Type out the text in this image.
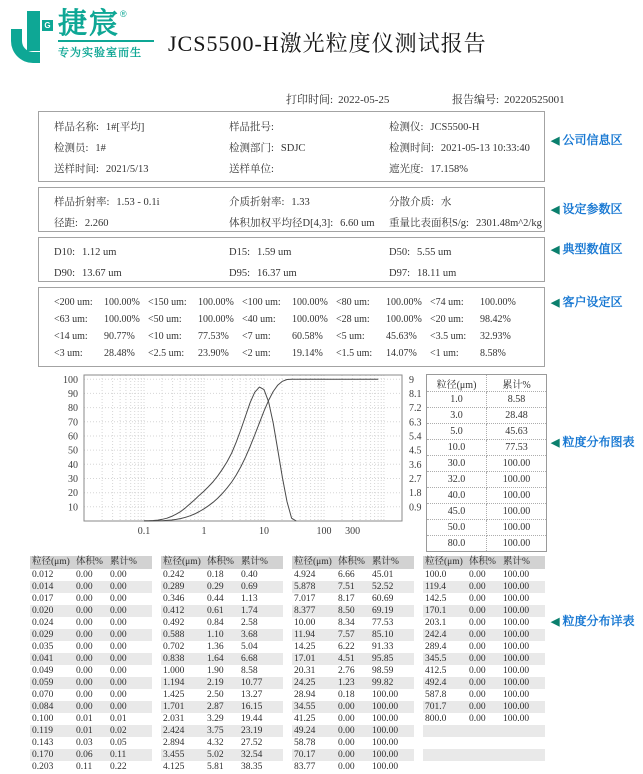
G 捷宸®
专为实验室而生	JCS5500-H激光粒度仪测试报告
打印时间: 2022-05-25	报告编号: 20220525001
样品名称: 1#[平均]	样品批号:	检测仪: JCS5500-H
检测员: 1#	检测部门: SDJC	检测时间: 2021-05-13 10:33:40
送样时间: 2021/5/13	送样单位:	遮光度: 17.158%
样品折射率: 1.53 - 0.1i	介质折射率: 1.33	分散介质: 水
径距: 2.260	体积加权平均径D[4,3]: 6.60 um	重量比表面积S/g: 2301.48m^2/kg
D10: 1.12 um	D15: 1.59 um	D50: 5.55 um
D90: 13.67 um	D95: 16.37 um	D97: 18.11 um
<200 um: 100.00% <150 um: 100.00% <100 um: 100.00% <80 um: 100.00% <74 um: 100.00%
<63 um: 100.00% <50 um: 100.00% <40 um: 100.00% <28 um: 100.00% <20 um: 98.42%
<14 um: 90.77%	<10 um: 77.53%	<7 um: 60.58%	<5 um: 45.63%	<3.5 um: 32.93%
<3 um: 28.48%	<2.5 um: 23.90%	<2 um: 19.14%	<1.5 um: 14.07%	<1 um: 8.58%
◀ 公司信息区
◀ 设定参数区
◀ 典型数值区
◀ 客户设定区
◀ 粒度分布图表
◀ 粒度分布详表
10
20
30
40
50
60
70
80
90
100
0.9
1.8
2.7
3.6
4.5
5.4
6.3
7.2
8.1
9
0.1	1	10	100 300
粒径(μm)	累计%
1.0	8.58
3.0	28.48
5.0	45.63
10.0	77.53
30.0	100.00
32.0	100.00
40.0	100.00
45.0	100.00
50.0	100.00
80.0	100.00
粒径(μm) 体积% 累计%
0.012	0.00	0.00
0.014	0.00	0.00
0.017	0.00	0.00
0.020	0.00	0.00
0.024	0.00	0.00
0.029	0.00	0.00
0.035	0.00	0.00
0.041	0.00	0.00
0.049	0.00	0.00
0.059	0.00	0.00
0.070	0.00	0.00
0.084	0.00	0.00
0.100	0.01	0.01
0.119	0.01	0.02
0.143	0.03	0.05
0.170	0.06	0.11
0.203	0.11	0.22
粒径(μm) 体积% 累计%
0.242	0.18	0.40
0.289	0.29	0.69
0.346	0.44	1.13
0.412	0.61	1.74
0.492	0.84	2.58
0.588	1.10	3.68
0.702	1.36	5.04
0.838	1.64	6.68
1.000	1.90	8.58
1.194	2.19	10.77
1.425	2.50	13.27
1.701	2.87	16.15
2.031	3.29	19.44
2.424	3.75	23.19
2.894	4.32	27.52
3.455	5.02	32.54
4.125	5.81	38.35
粒径(μm) 体积% 累计%
4.924	6.66	45.01
5.878	7.51	52.52
7.017	8.17	60.69
8.377	8.50	69.19
10.00	8.34	77.53
11.94	7.57	85.10
14.25	6.22	91.33
17.01	4.51	95.85
20.31	2.76	98.59
24.25	1.23	99.82
28.94	0.18	100.00
34.55	0.00	100.00
41.25	0.00	100.00
49.24	0.00	100.00
58.78	0.00	100.00
70.17	0.00	100.00
83.77	0.00	100.00
粒径(μm) 体积% 累计%
100.0	0.00	100.00
119.4	0.00	100.00
142.5	0.00	100.00
170.1	0.00	100.00
203.1	0.00	100.00
242.4	0.00	100.00
289.4	0.00	100.00
345.5	0.00	100.00
412.5	0.00	100.00
492.4	0.00	100.00
587.8	0.00	100.00
701.7	0.00	100.00
800.0	0.00	100.00
